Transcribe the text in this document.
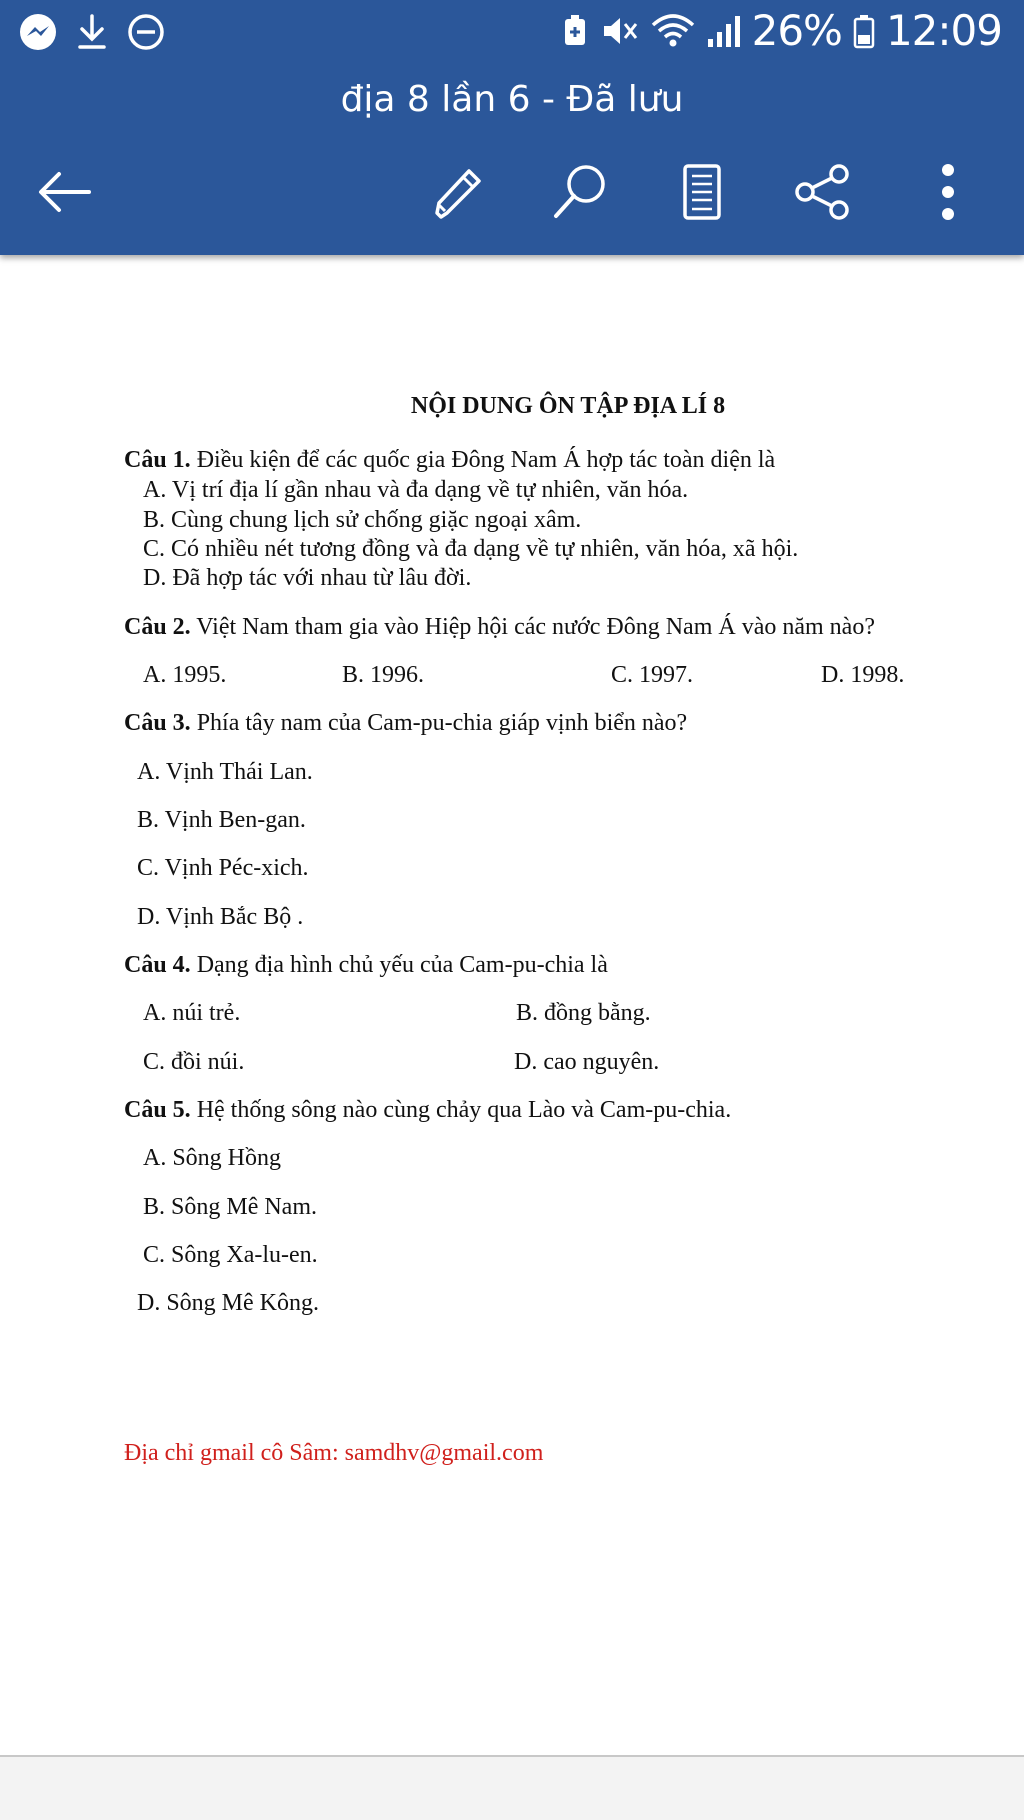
26% 12:09
địa 8 lần 6 - Đã lưu
NỘI DUNG ÔN TẬP ĐỊA LÍ 8
Câu 1. Điều kiện để các quốc gia Đông Nam Á hợp tác toàn diện là
A. Vị trí địa lí gần nhau và đa dạng về tự nhiên, văn hóa.
B. Cùng chung lịch sử chống giặc ngoại xâm.
C. Có nhiều nét tương đồng và đa dạng về tự nhiên, văn hóa, xã hội.
D. Đã hợp tác với nhau từ lâu đời.
Câu 2. Việt Nam tham gia vào Hiệp hội các nước Đông Nam Á vào năm nào?
A. 1995.	B. 1996.	C. 1997.	D. 1998.
Câu 3. Phía tây nam của Cam-pu-chia giáp vịnh biển nào?
A. Vịnh Thái Lan.
B. Vịnh Ben-gan.
C. Vịnh Péc-xich.
D. Vịnh Bắc Bộ .
Câu 4. Dạng địa hình chủ yếu của Cam-pu-chia là
A. núi trẻ.	B. đồng bằng.
C. đồi núi.	D. cao nguyên.
Câu 5. Hệ thống sông nào cùng chảy qua Lào và Cam-pu-chia.
A. Sông Hồng
B. Sông Mê Nam.
C. Sông Xa-lu-en.
D. Sông Mê Kông.
Địa chỉ gmail cô Sâm: samdhv@gmail.com
